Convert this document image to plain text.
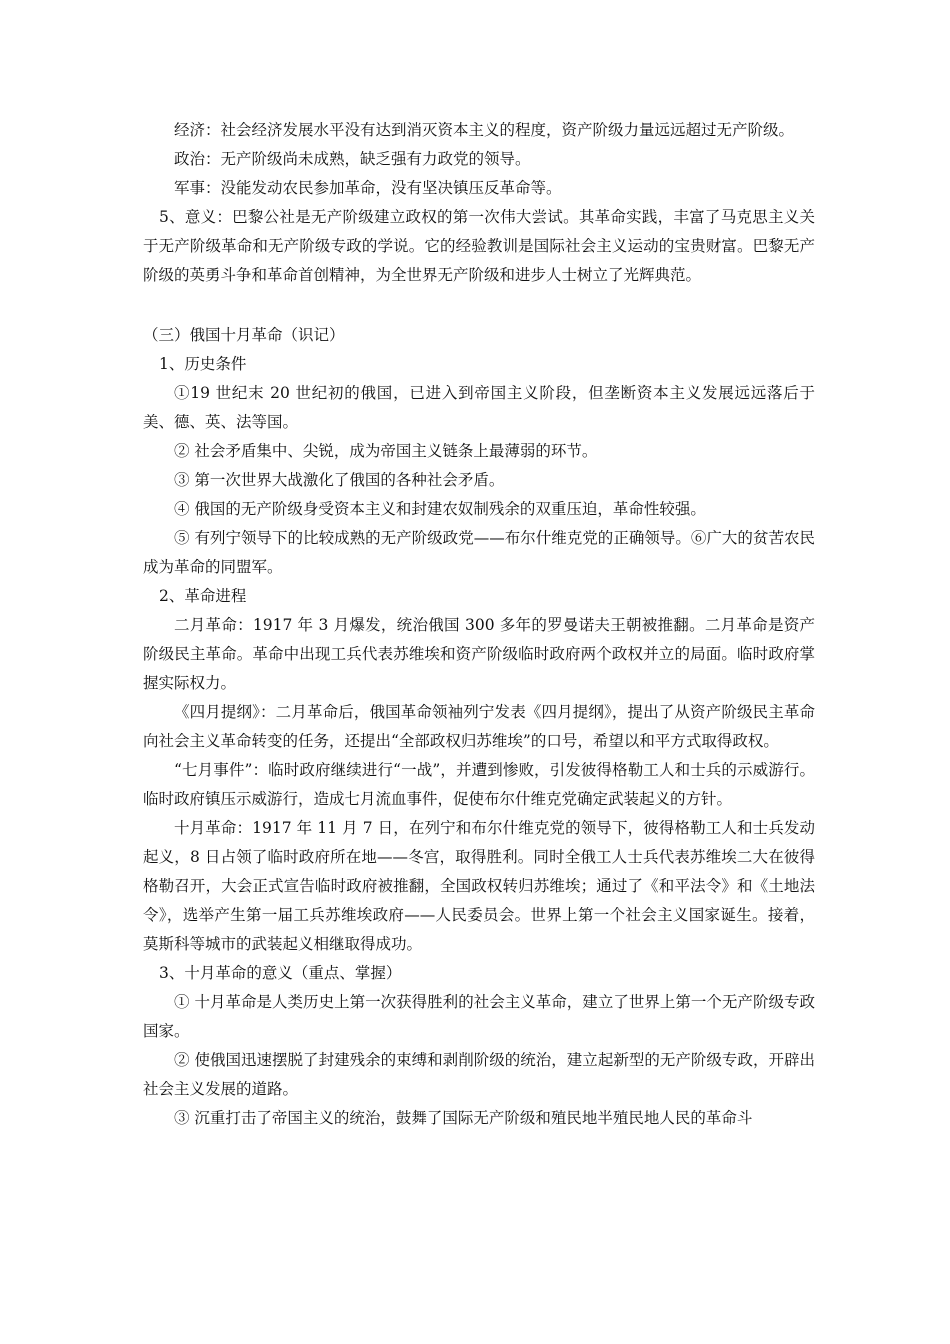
经济：社会经济发展水平没有达到消灭资本主义的程度，资产阶级力量远远超过无产阶级。

政治：无产阶级尚未成熟，缺乏强有力政党的领导。

军事：没能发动农民参加革命，没有坚决镇压反革命等。

5、意义：巴黎公社是无产阶级建立政权的第一次伟大尝试。其革命实践，丰富了马克思主义关于无产阶级革命和无产阶级专政的学说。它的经验教训是国际社会主义运动的宝贵财富。巴黎无产阶级的英勇斗争和革命首创精神，为全世界无产阶级和进步人士树立了光辉典范。

（三）俄国十月革命（识记）

1、历史条件

①19 世纪末 20 世纪初的俄国，已进入到帝国主义阶段，但垄断资本主义发展远远落后于美、德、英、法等国。

② 社会矛盾集中、尖锐，成为帝国主义链条上最薄弱的环节。

③ 第一次世界大战激化了俄国的各种社会矛盾。

④ 俄国的无产阶级身受资本主义和封建农奴制残余的双重压迫，革命性较强。

⑤ 有列宁领导下的比较成熟的无产阶级政党——布尔什维克党的正确领导。⑥广大的贫苦农民成为革命的同盟军。

2、革命进程

二月革命：1917 年 3 月爆发，统治俄国 300 多年的罗曼诺夫王朝被推翻。二月革命是资产阶级民主革命。革命中出现工兵代表苏维埃和资产阶级临时政府两个政权并立的局面。临时政府掌握实际权力。

《四月提纲》：二月革命后，俄国革命领袖列宁发表《四月提纲》，提出了从资产阶级民主革命向社会主义革命转变的任务，还提出“全部政权归苏维埃”的口号，希望以和平方式取得政权。

“七月事件”：临时政府继续进行“一战”，并遭到惨败，引发彼得格勒工人和士兵的示威游行。临时政府镇压示威游行，造成七月流血事件，促使布尔什维克党确定武装起义的方针。

十月革命：1917 年 11 月 7 日，在列宁和布尔什维克党的领导下，彼得格勒工人和士兵发动起义，8 日占领了临时政府所在地——冬宫，取得胜利。同时全俄工人士兵代表苏维埃二大在彼得格勒召开，大会正式宣告临时政府被推翻，全国政权转归苏维埃；通过了《和平法令》和《土地法令》，选举产生第一届工兵苏维埃政府——人民委员会。世界上第一个社会主义国家诞生。接着，莫斯科等城市的武装起义相继取得成功。

3、十月革命的意义（重点、掌握）

① 十月革命是人类历史上第一次获得胜利的社会主义革命，建立了世界上第一个无产阶级专政国家。

② 使俄国迅速摆脱了封建残余的束缚和剥削阶级的统治，建立起新型的无产阶级专政，开辟出社会主义发展的道路。

③ 沉重打击了帝国主义的统治，鼓舞了国际无产阶级和殖民地半殖民地人民的革命斗
